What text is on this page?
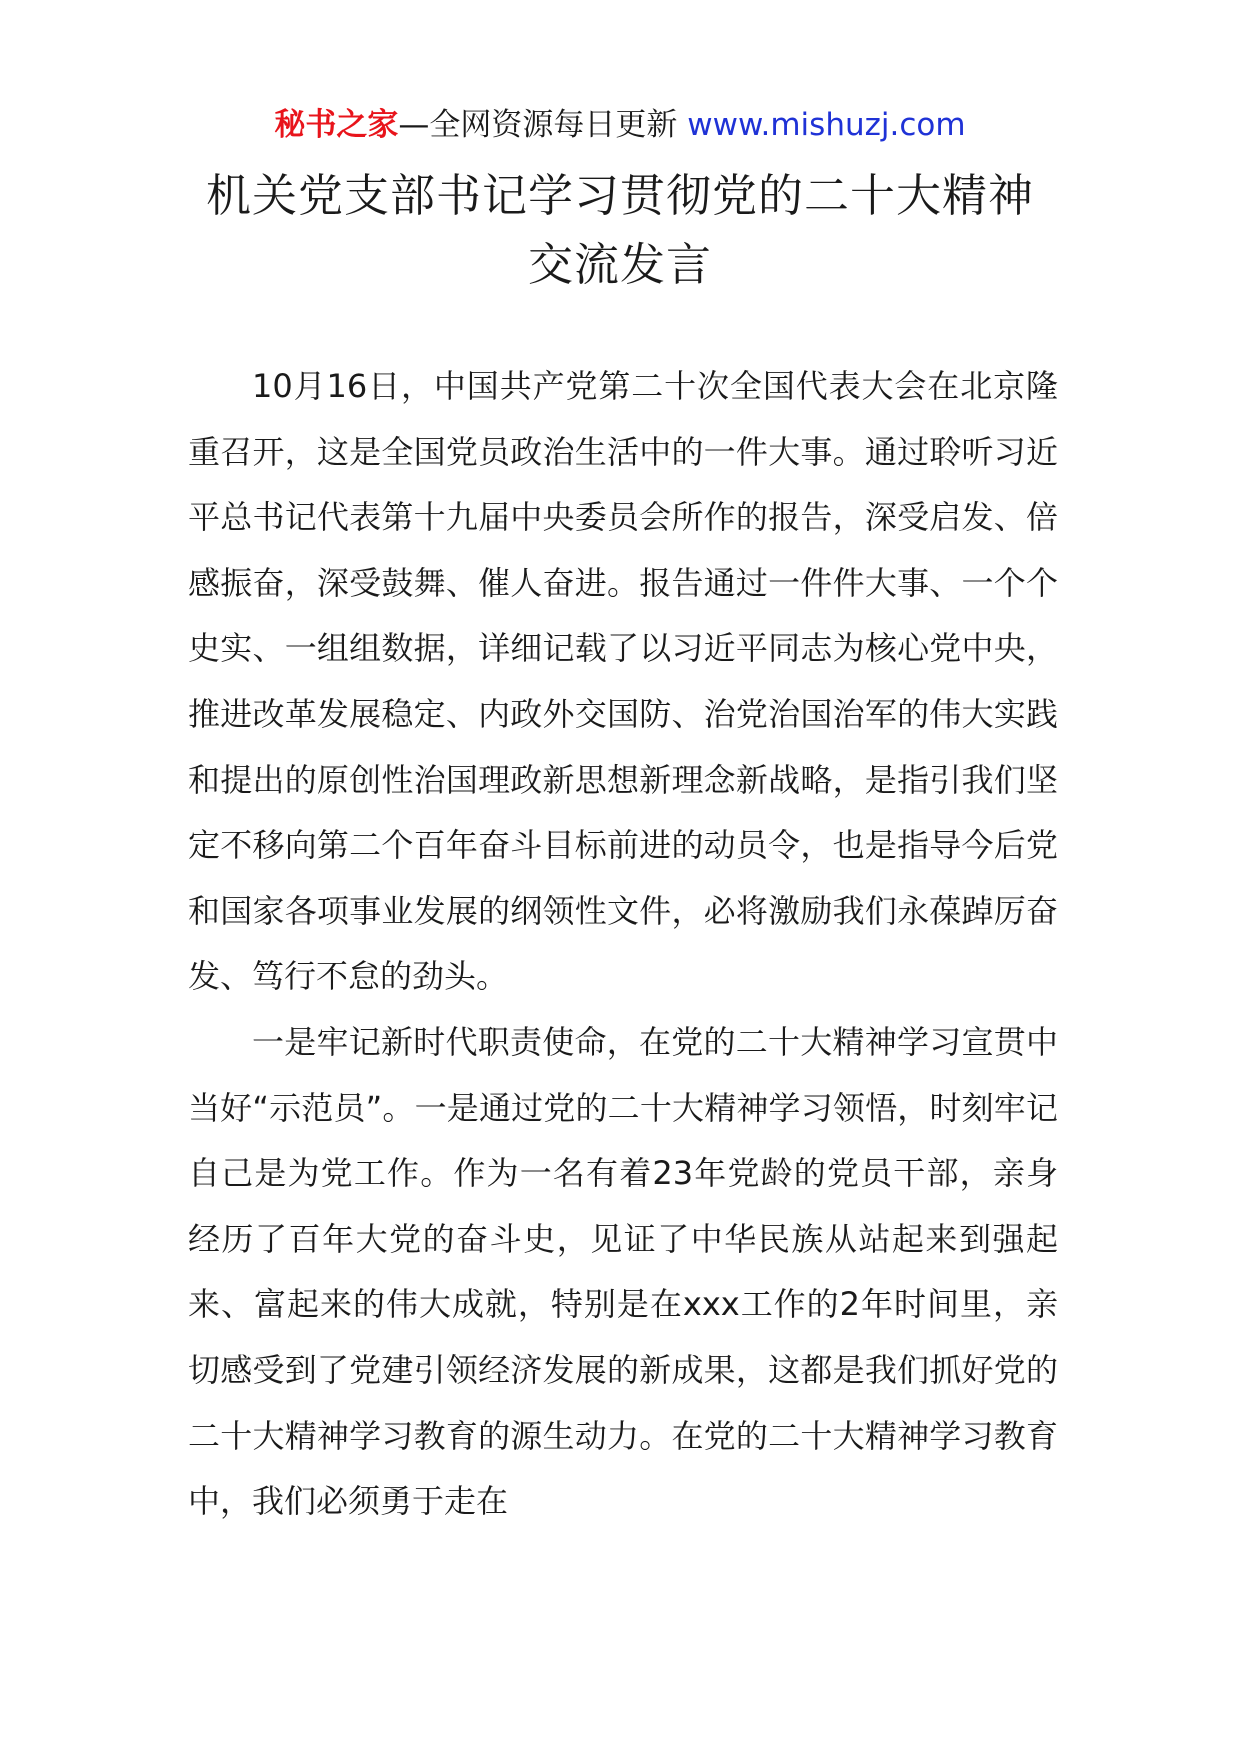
秘书之家—全网资源每日更新 www.mishuzj.com
机关党支部书记学习贯彻党的二十大精神
交流发言

10月16日，中国共产党第二十次全国代表大会在北京隆重召开，这是全国党员政治生活中的一件大事。通过聆听习近平总书记代表第十九届中央委员会所作的报告，深受启发、倍感振奋，深受鼓舞、催人奋进。报告通过一件件大事、一个个史实、一组组数据，详细记载了以习近平同志为核心党中央，推进改革发展稳定、内政外交国防、治党治国治军的伟大实践和提出的原创性治国理政新思想新理念新战略，是指引我们坚定不移向第二个百年奋斗目标前进的动员令，也是指导今后党和国家各项事业发展的纲领性文件，必将激励我们永葆踔厉奋发、笃行不怠的劲头。

一是牢记新时代职责使命，在党的二十大精神学习宣贯中当好“示范员”。一是通过党的二十大精神学习领悟，时刻牢记自己是为党工作。作为一名有着23年党龄的党员干部，亲身经历了百年大党的奋斗史，见证了中华民族从站起来到强起来、富起来的伟大成就，特别是在xxx工作的2年时间里，亲切感受到了党建引领经济发展的新成果，这都是我们抓好党的二十大精神学习教育的源生动力。在党的二十大精神学习教育中，我们必须勇于走在
